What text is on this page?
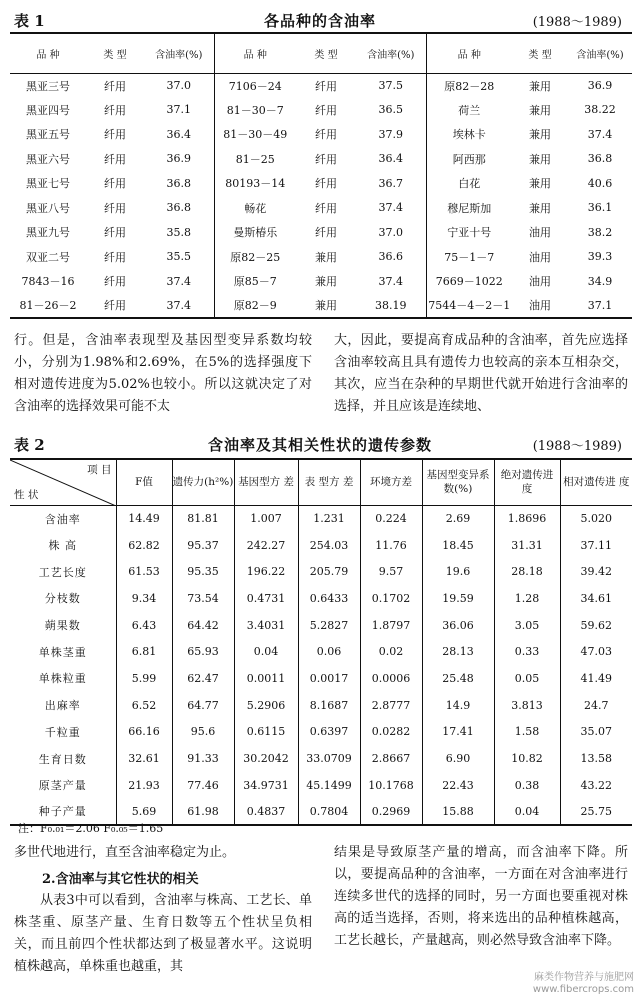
表 1	各品种的含油率	(1988～1989)
品 种	类 型	含油率(%)	品 种	类 型	含油率(%)	品 种	类 型	含油率(%)
黑亚三号	纤用	37.0	7106－24	纤用	37.5	原82－28	兼用	36.9
黑亚四号	纤用	37.1	81－30－7	纤用	36.5	荷兰	兼用	38.22
黑亚五号	纤用	36.4	81－30－49	纤用	37.9	埃林卡	兼用	37.4
黑亚六号	纤用	36.9	81－25	纤用	36.4	阿西那	兼用	36.8
黑亚七号	纤用	36.8	80193－14	纤用	36.7	白花	兼用	40.6
黑亚八号	纤用	36.8	畅花	纤用	37.4	穆尼斯加	兼用	36.1
黑亚九号	纤用	35.8	曼斯椿乐	纤用	37.0	宁亚十号	油用	38.2
双亚二号	纤用	35.5	原82－25	兼用	36.6	75－1－7	油用	39.3
7843－16	纤用	37.4	原85－7	兼用	37.4	7669－1022	油用	34.9
81－26－2	纤用	37.4	原82－9	兼用	38.19	7544－4－2－1	油用	37.1

行。但是，含油率表现型及基因型变异系数均较小，分别为1.98%和2.69%，在5%的选择强度下相对遗传进度为5.02%也较小。所以这就决定了对含油率的选择效果可能不太

大，因此，要提高育成品种的含油率，首先应选择含油率较高且具有遗传力也较高的亲本互相杂交，其次，应当在杂种的早期世代就开始进行含油率的选择，并且应该是连续地、

表 2	含油率及其相关性状的遗传参数	(1988～1989)
项 目
性 状	F值	遗传力(h²%)	基因型方 差	表 型方 差	环境方差	基因型变异系数(%)	绝对遗传进 度	相对遗传进 度
含油率	14.49	81.81	1.007	1.231	0.224	2.69	1.8696	5.020
株 高	62.82	95.37	242.27	254.03	11.76	18.45	31.31	37.11
工艺长度	61.53	95.35	196.22	205.79	9.57	19.6	28.18	39.42
分枝数	9.34	73.54	0.4731	0.6433	0.1702	19.59	1.28	34.61
蒴果数	6.43	64.42	3.4031	5.2827	1.8797	36.06	3.05	59.62
单株茎重	6.81	65.93	0.04	0.06	0.02	28.13	0.33	47.03
单株粒重	5.99	62.47	0.0011	0.0017	0.0006	25.48	0.05	41.49
出麻率	6.52	64.77	5.2906	8.1687	2.8777	14.9	3.813	24.7
千粒重	66.16	95.6	0.6115	0.6397	0.0282	17.41	1.58	35.07
生育日数	32.61	91.33	30.2042	33.0709	2.8667	6.90	10.82	13.58
原茎产量	21.93	77.46	34.9731	45.1499	10.1768	22.43	0.38	43.22
种子产量	5.69	61.98	0.4837	0.7804	0.2969	15.88	0.04	25.75
注：F₀.₀₁＝2.06 F₀.₀₅＝1.65

多世代地进行，直至含油率稳定为止。

2.含油率与其它性状的相关

从表3中可以看到，含油率与株高、工艺长、单株茎重、原茎产量、生育日数等五个性状呈负相关，而且前四个性状都达到了极显著水平。这说明植株越高，单株重也越重，其

结果是导致原茎产量的增高，而含油率下降。所以，要提高品种的含油率，一方面在对含油率进行连续多世代的选择的同时，另一方面也要重视对株高的适当选择，否则，将来选出的品种植株越高，工艺长越长，产量越高，则必然导致含油率下降。

麻类作物营养与施肥网
www.fibercrops.com
